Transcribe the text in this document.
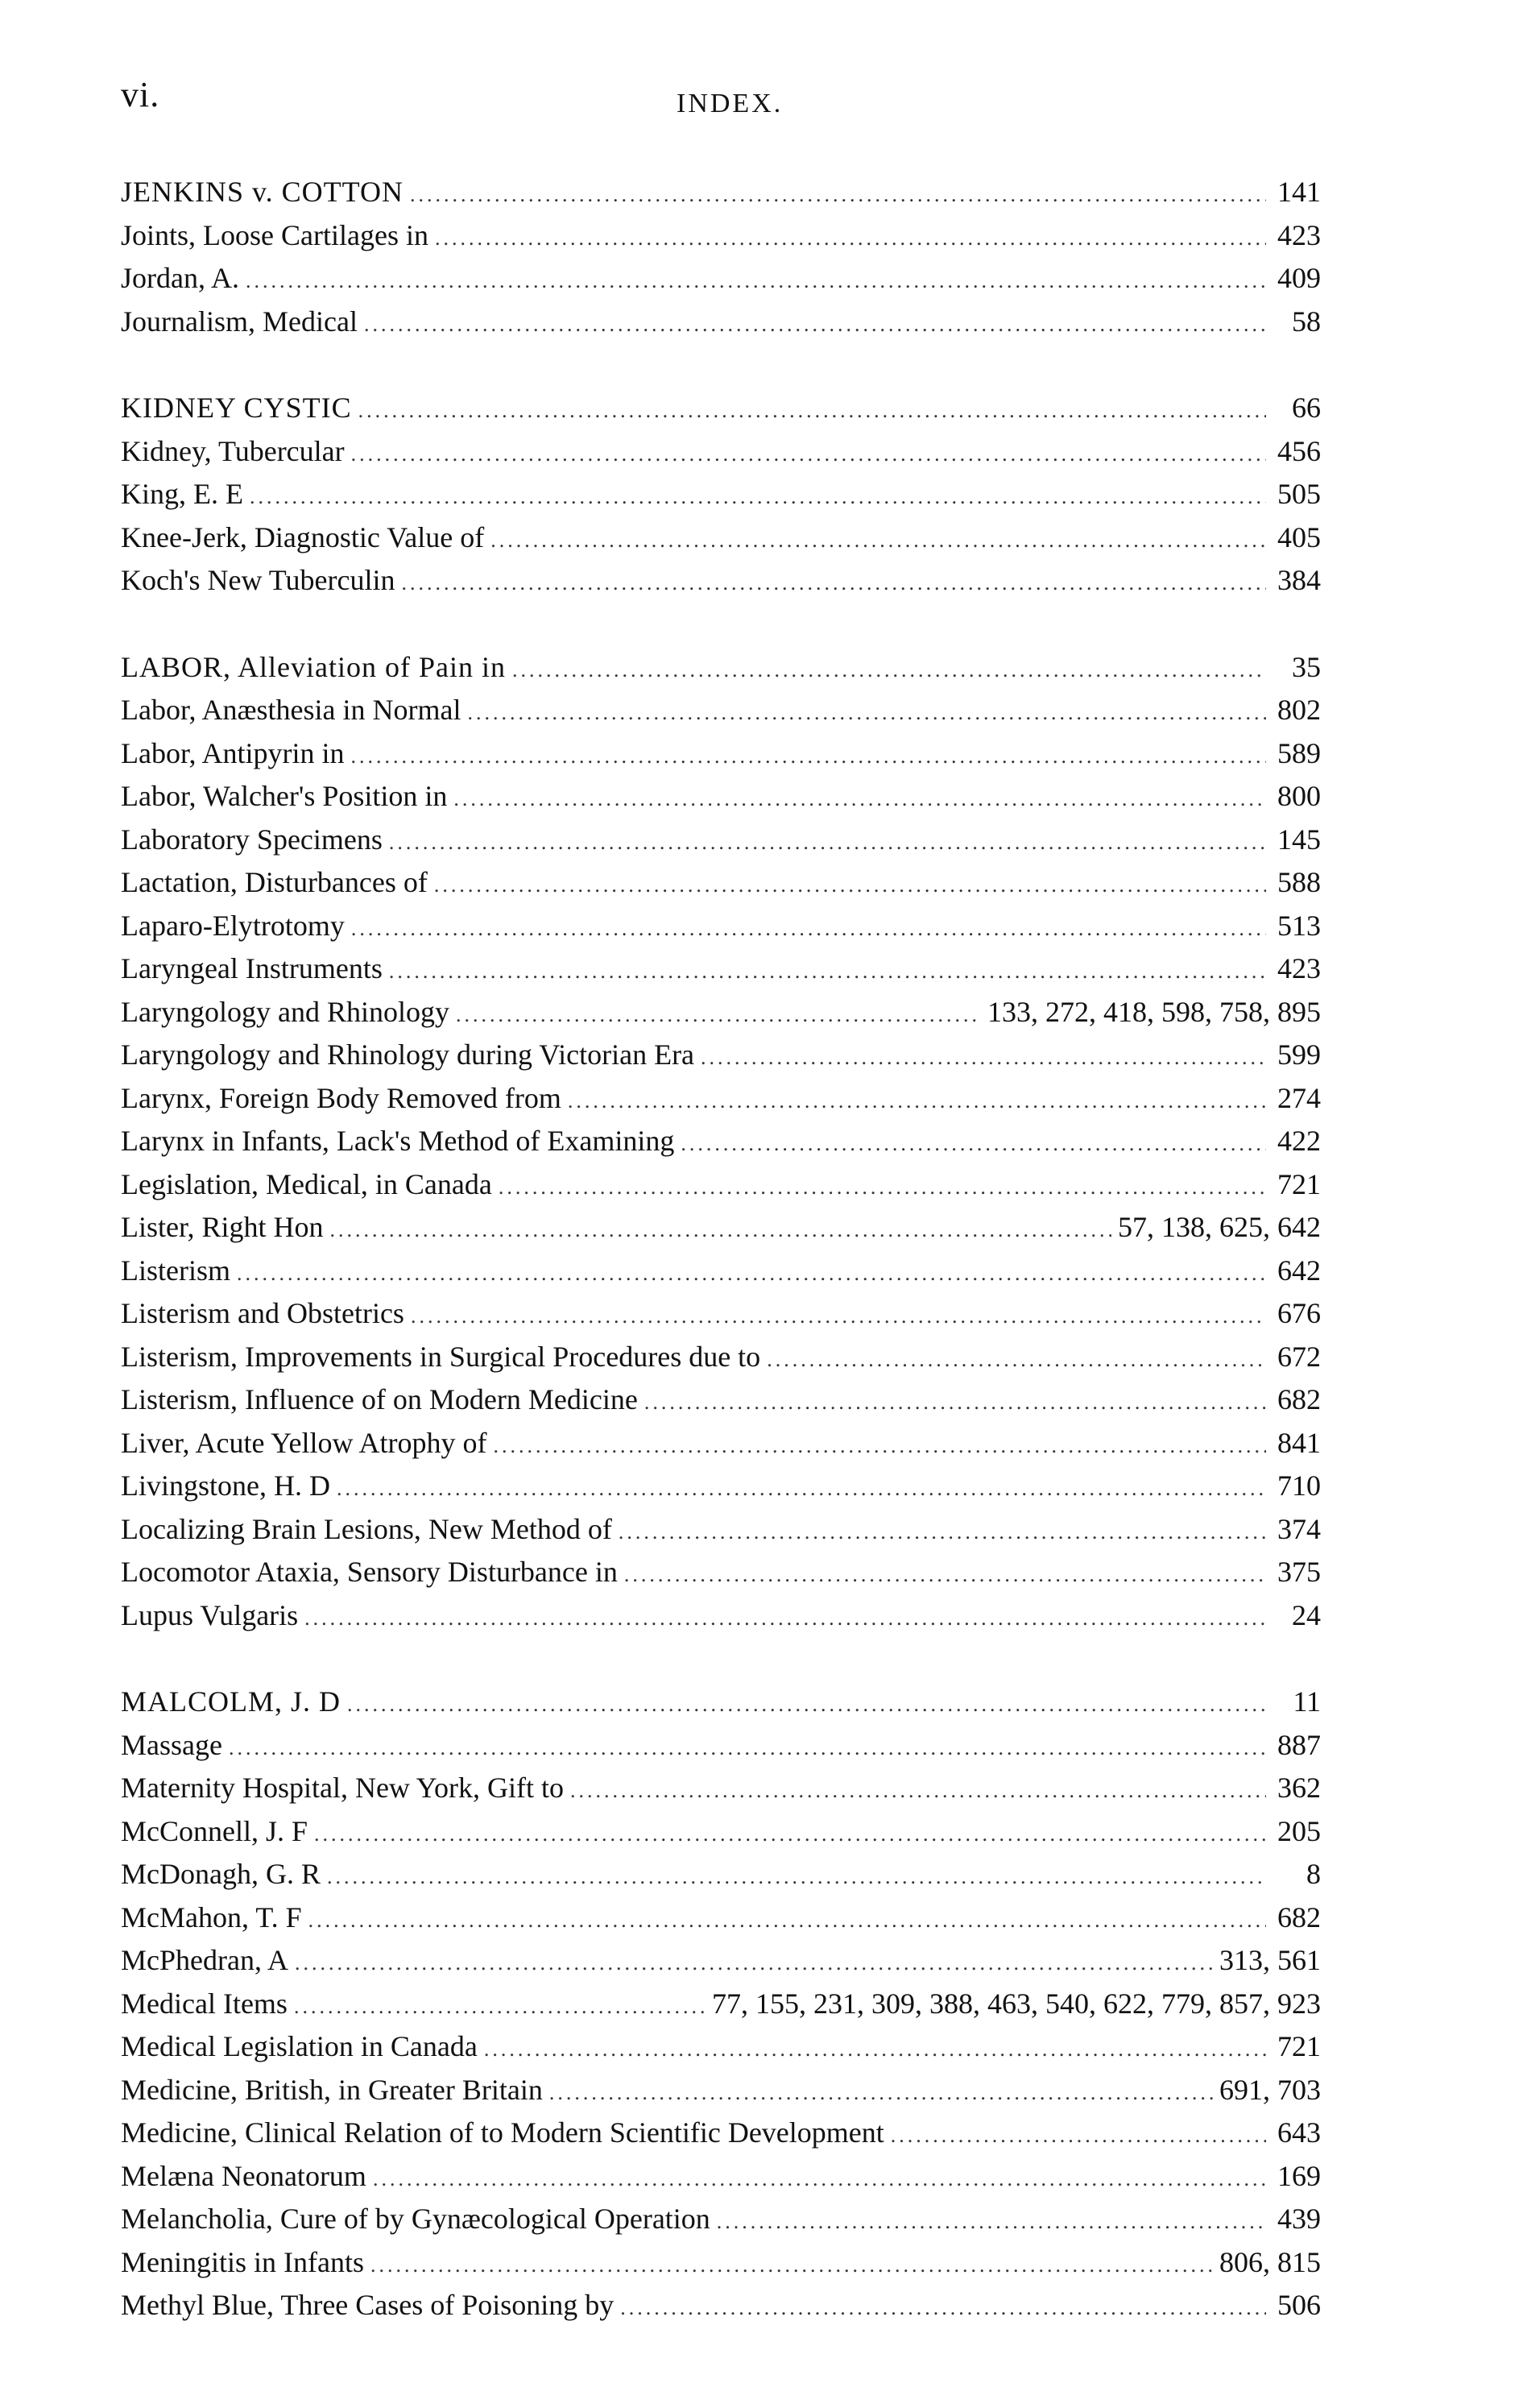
vi.	INDEX.
JENKINS v. COTTON .....	141
Joints, Loose Cartilages in .....	423
Jordan, A. .....	409
Journalism, Medical .....	58
KIDNEY CYSTIC .....	66
Kidney, Tubercular .....	456
King, E. E .....	505
Knee-Jerk, Diagnostic Value of .....	405
Koch's New Tuberculin .....	384
LABOR, Alleviation of Pain in .....	35
Labor, Anæsthesia in Normal .....	802
Labor, Antipyrin in .....	589
Labor, Walcher's Position in .....	800
Laboratory Specimens .....	145
Lactation, Disturbances of .....	588
Laparo-Elytrotomy .....	513
Laryngeal Instruments .....	423
Laryngology and Rhinology .....	133, 272, 418, 598, 758, 895
Laryngology and Rhinology during Victorian Era .....	599
Larynx, Foreign Body Removed from .....	274
Larynx in Infants, Lack's Method of Examining .....	422
Legislation, Medical, in Canada .....	721
Lister, Right Hon .....	57, 138, 625, 642
Listerism .....	642
Listerism and Obstetrics .....	676
Listerism, Improvements in Surgical Procedures due to .....	672
Listerism, Influence of on Modern Medicine .....	682
Liver, Acute Yellow Atrophy of .....	841
Livingstone, H. D .....	710
Localizing Brain Lesions, New Method of .....	374
Locomotor Ataxia, Sensory Disturbance in .....	375
Lupus Vulgaris .....	24
MALCOLM, J. D .....	11
Massage .....	887
Maternity Hospital, New York, Gift to .....	362
McConnell, J. F .....	205
McDonagh, G. R .....	8
McMahon, T. F .....	682
McPhedran, A .....	313, 561
Medical Items .....	77, 155, 231, 309, 388, 463, 540, 622, 779, 857, 923
Medical Legislation in Canada .....	721
Medicine, British, in Greater Britain .....	691, 703
Medicine, Clinical Relation of to Modern Scientific Development .....	643
Melæna Neonatorum .....	169
Melancholia, Cure of by Gynæcological Operation .....	439
Meningitis in Infants .....	806, 815
Methyl Blue, Three Cases of Poisoning by .....	506
